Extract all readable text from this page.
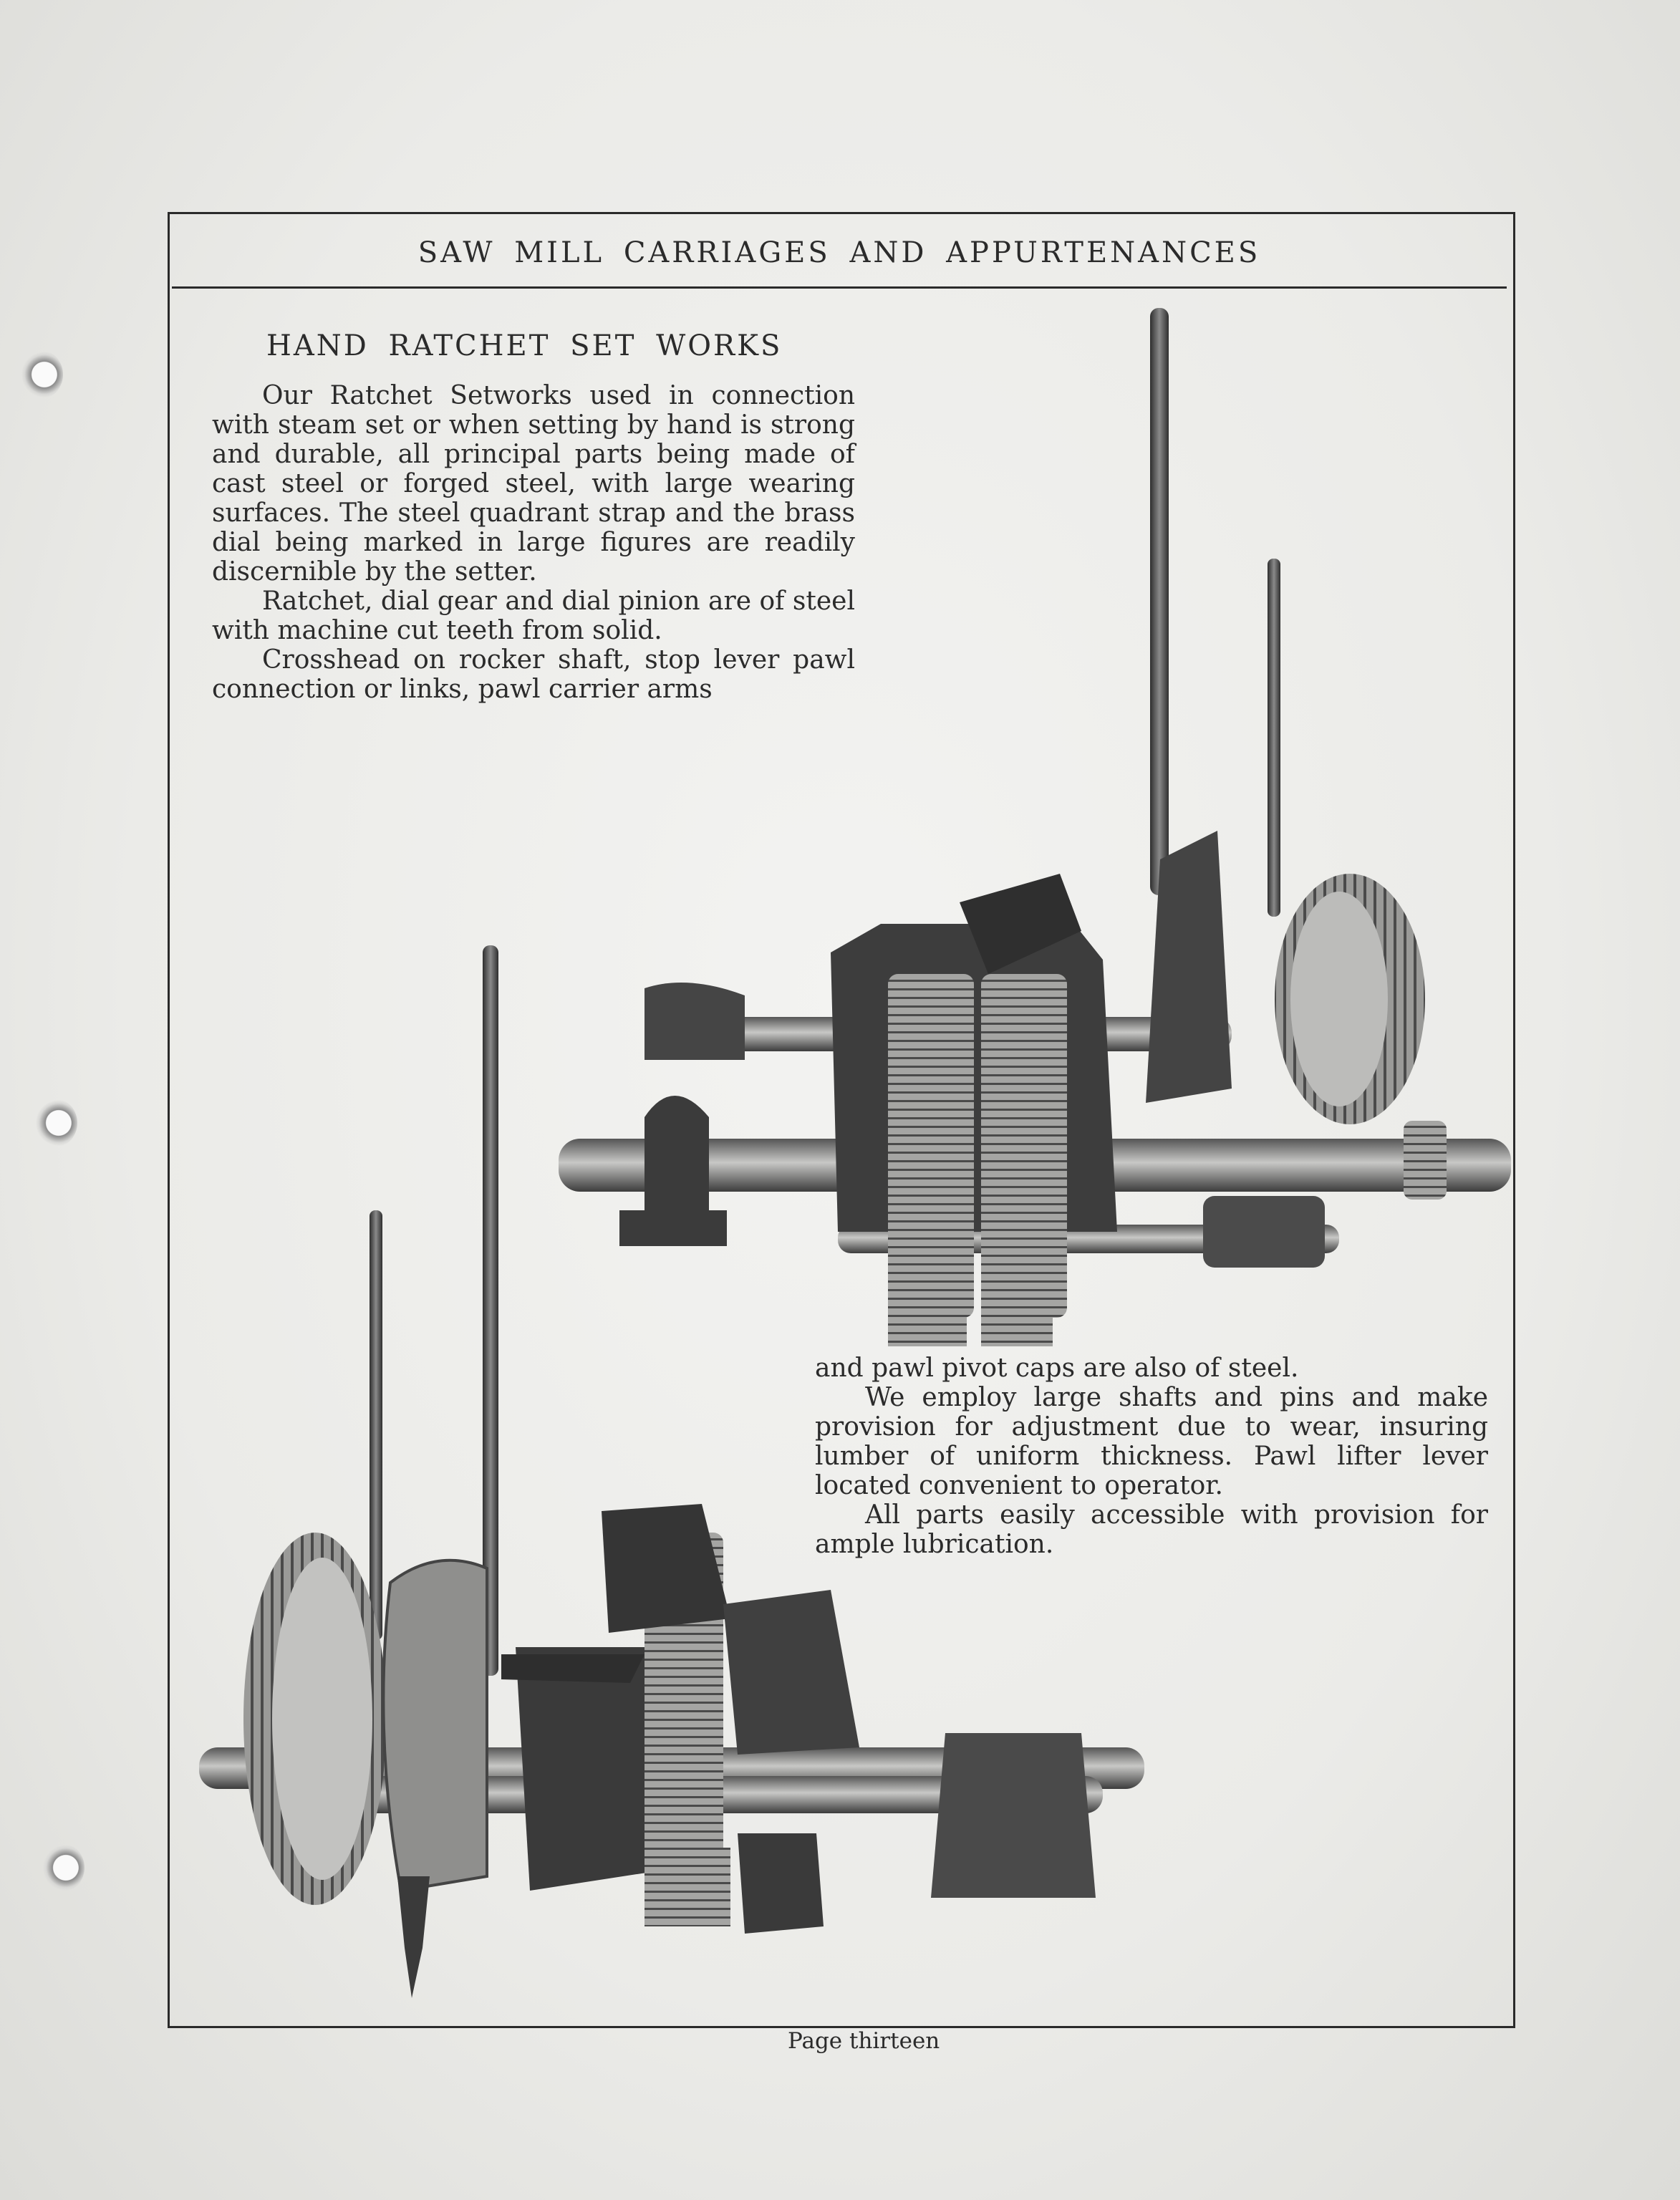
SAW MILL CARRIAGES AND APPURTENANCES
HAND RATCHET SET WORKS

Our Ratchet Setworks used in connection with steam set or when setting by hand is strong and durable, all principal parts being made of cast steel or forged steel, with large wearing surfaces. The steel quadrant strap and the brass dial being marked in large figures are readily discernible by the setter.

Ratchet, dial gear and dial pinion are of steel with machine cut teeth from solid.

Crosshead on rocker shaft, stop lever pawl connection or links, pawl carrier arms

and pawl pivot caps are also of steel.

We employ large shafts and pins and make provision for adjustment due to wear, insuring lumber of uniform thickness. Pawl lifter lever located convenient to operator.

All parts easily accessible with provision for ample lubrication.

Page thirteen
